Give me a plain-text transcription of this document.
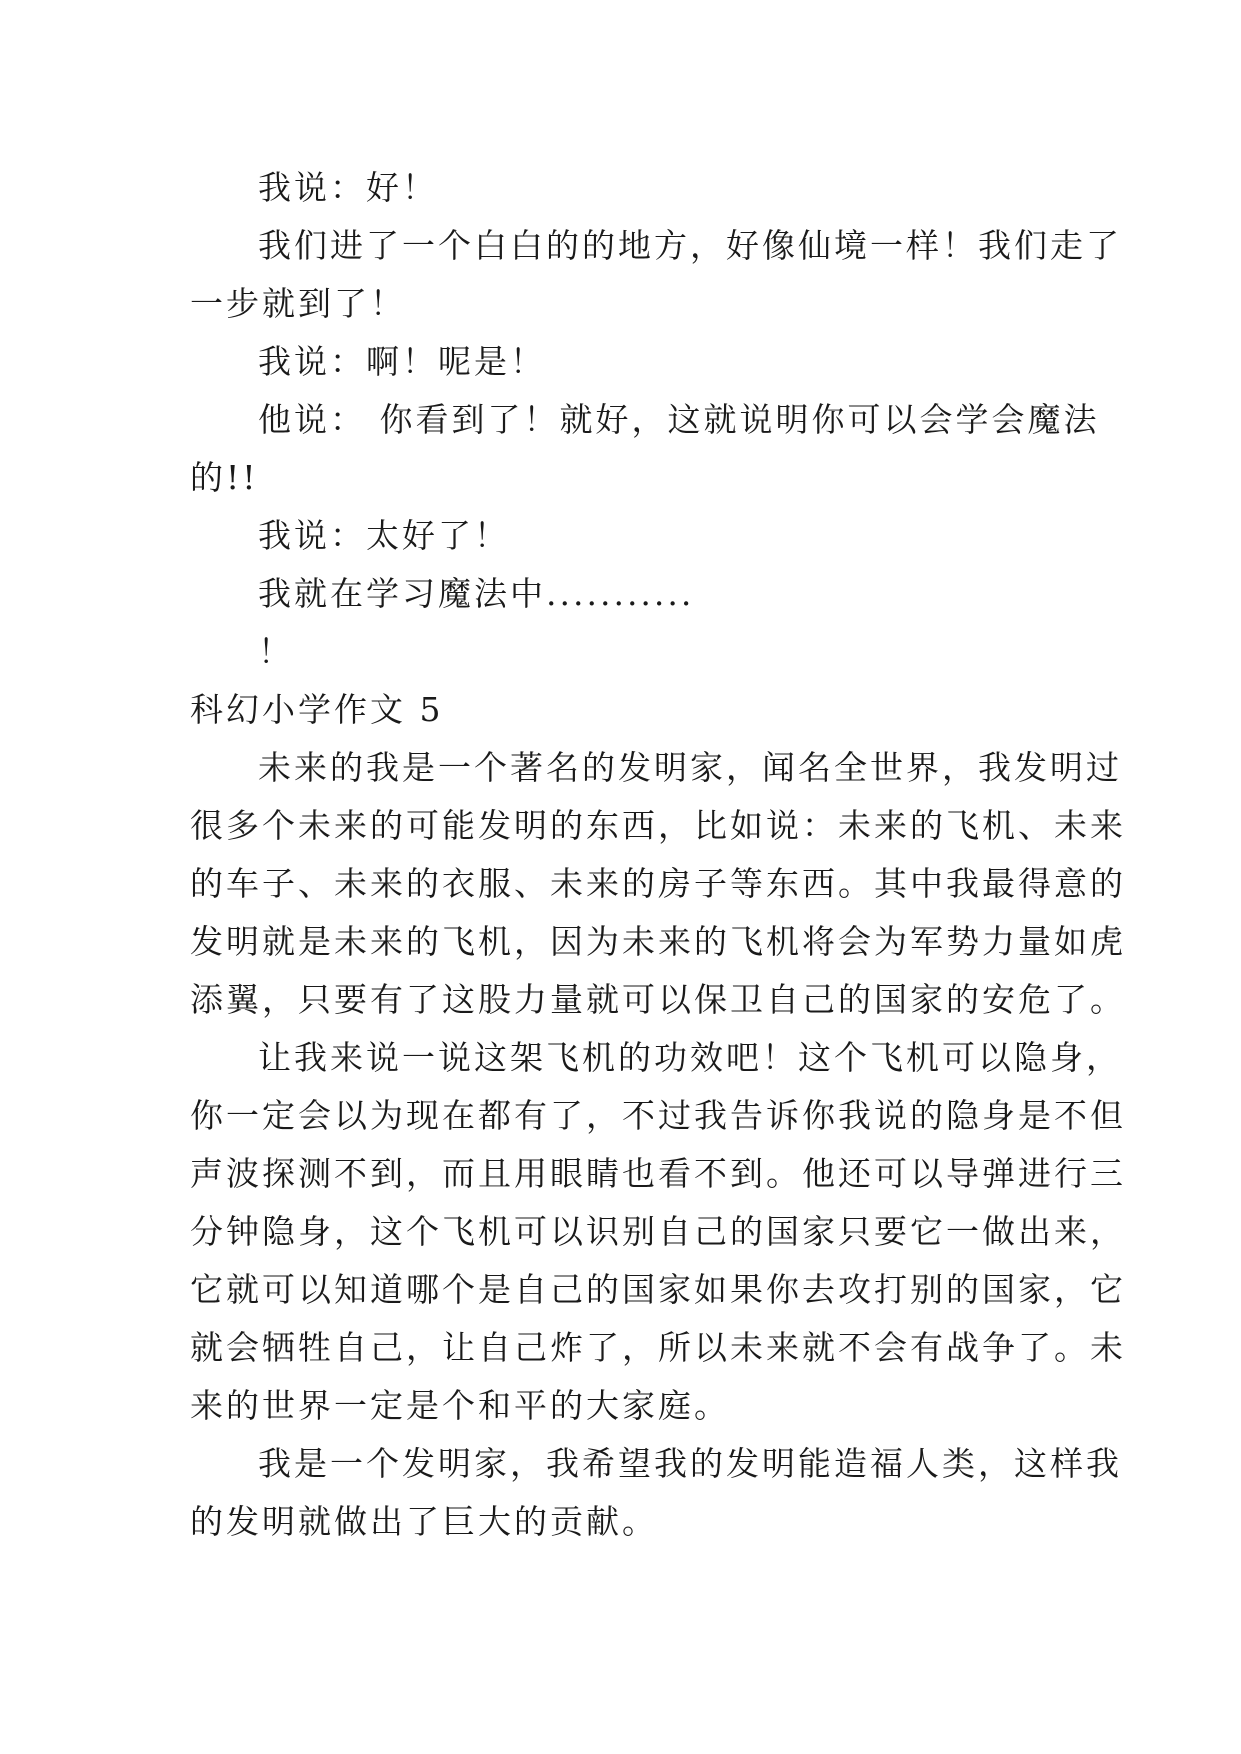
我说：好！
我们进了一个白白的的地方，好像仙境一样！我们走了
一步就到了！
我说：啊！呢是！
他说： 你看到了！就好，这就说明你可以会学会魔法
的!!
我说：太好了！
我就在学习魔法中...........
！
科幻小学作文 5
未来的我是一个著名的发明家，闻名全世界，我发明过
很多个未来的可能发明的东西，比如说：未来的飞机、未来
的车子、未来的衣服、未来的房子等东西。其中我最得意的
发明就是未来的飞机，因为未来的飞机将会为军势力量如虎
添翼，只要有了这股力量就可以保卫自己的国家的安危了。
让我来说一说这架飞机的功效吧！这个飞机可以隐身，
你一定会以为现在都有了，不过我告诉你我说的隐身是不但
声波探测不到，而且用眼睛也看不到。他还可以导弹进行三
分钟隐身，这个飞机可以识别自己的国家只要它一做出来，
它就可以知道哪个是自己的国家如果你去攻打别的国家，它
就会牺牲自己，让自己炸了，所以未来就不会有战争了。未
来的世界一定是个和平的大家庭。
我是一个发明家，我希望我的发明能造福人类，这样我
的发明就做出了巨大的贡献。
